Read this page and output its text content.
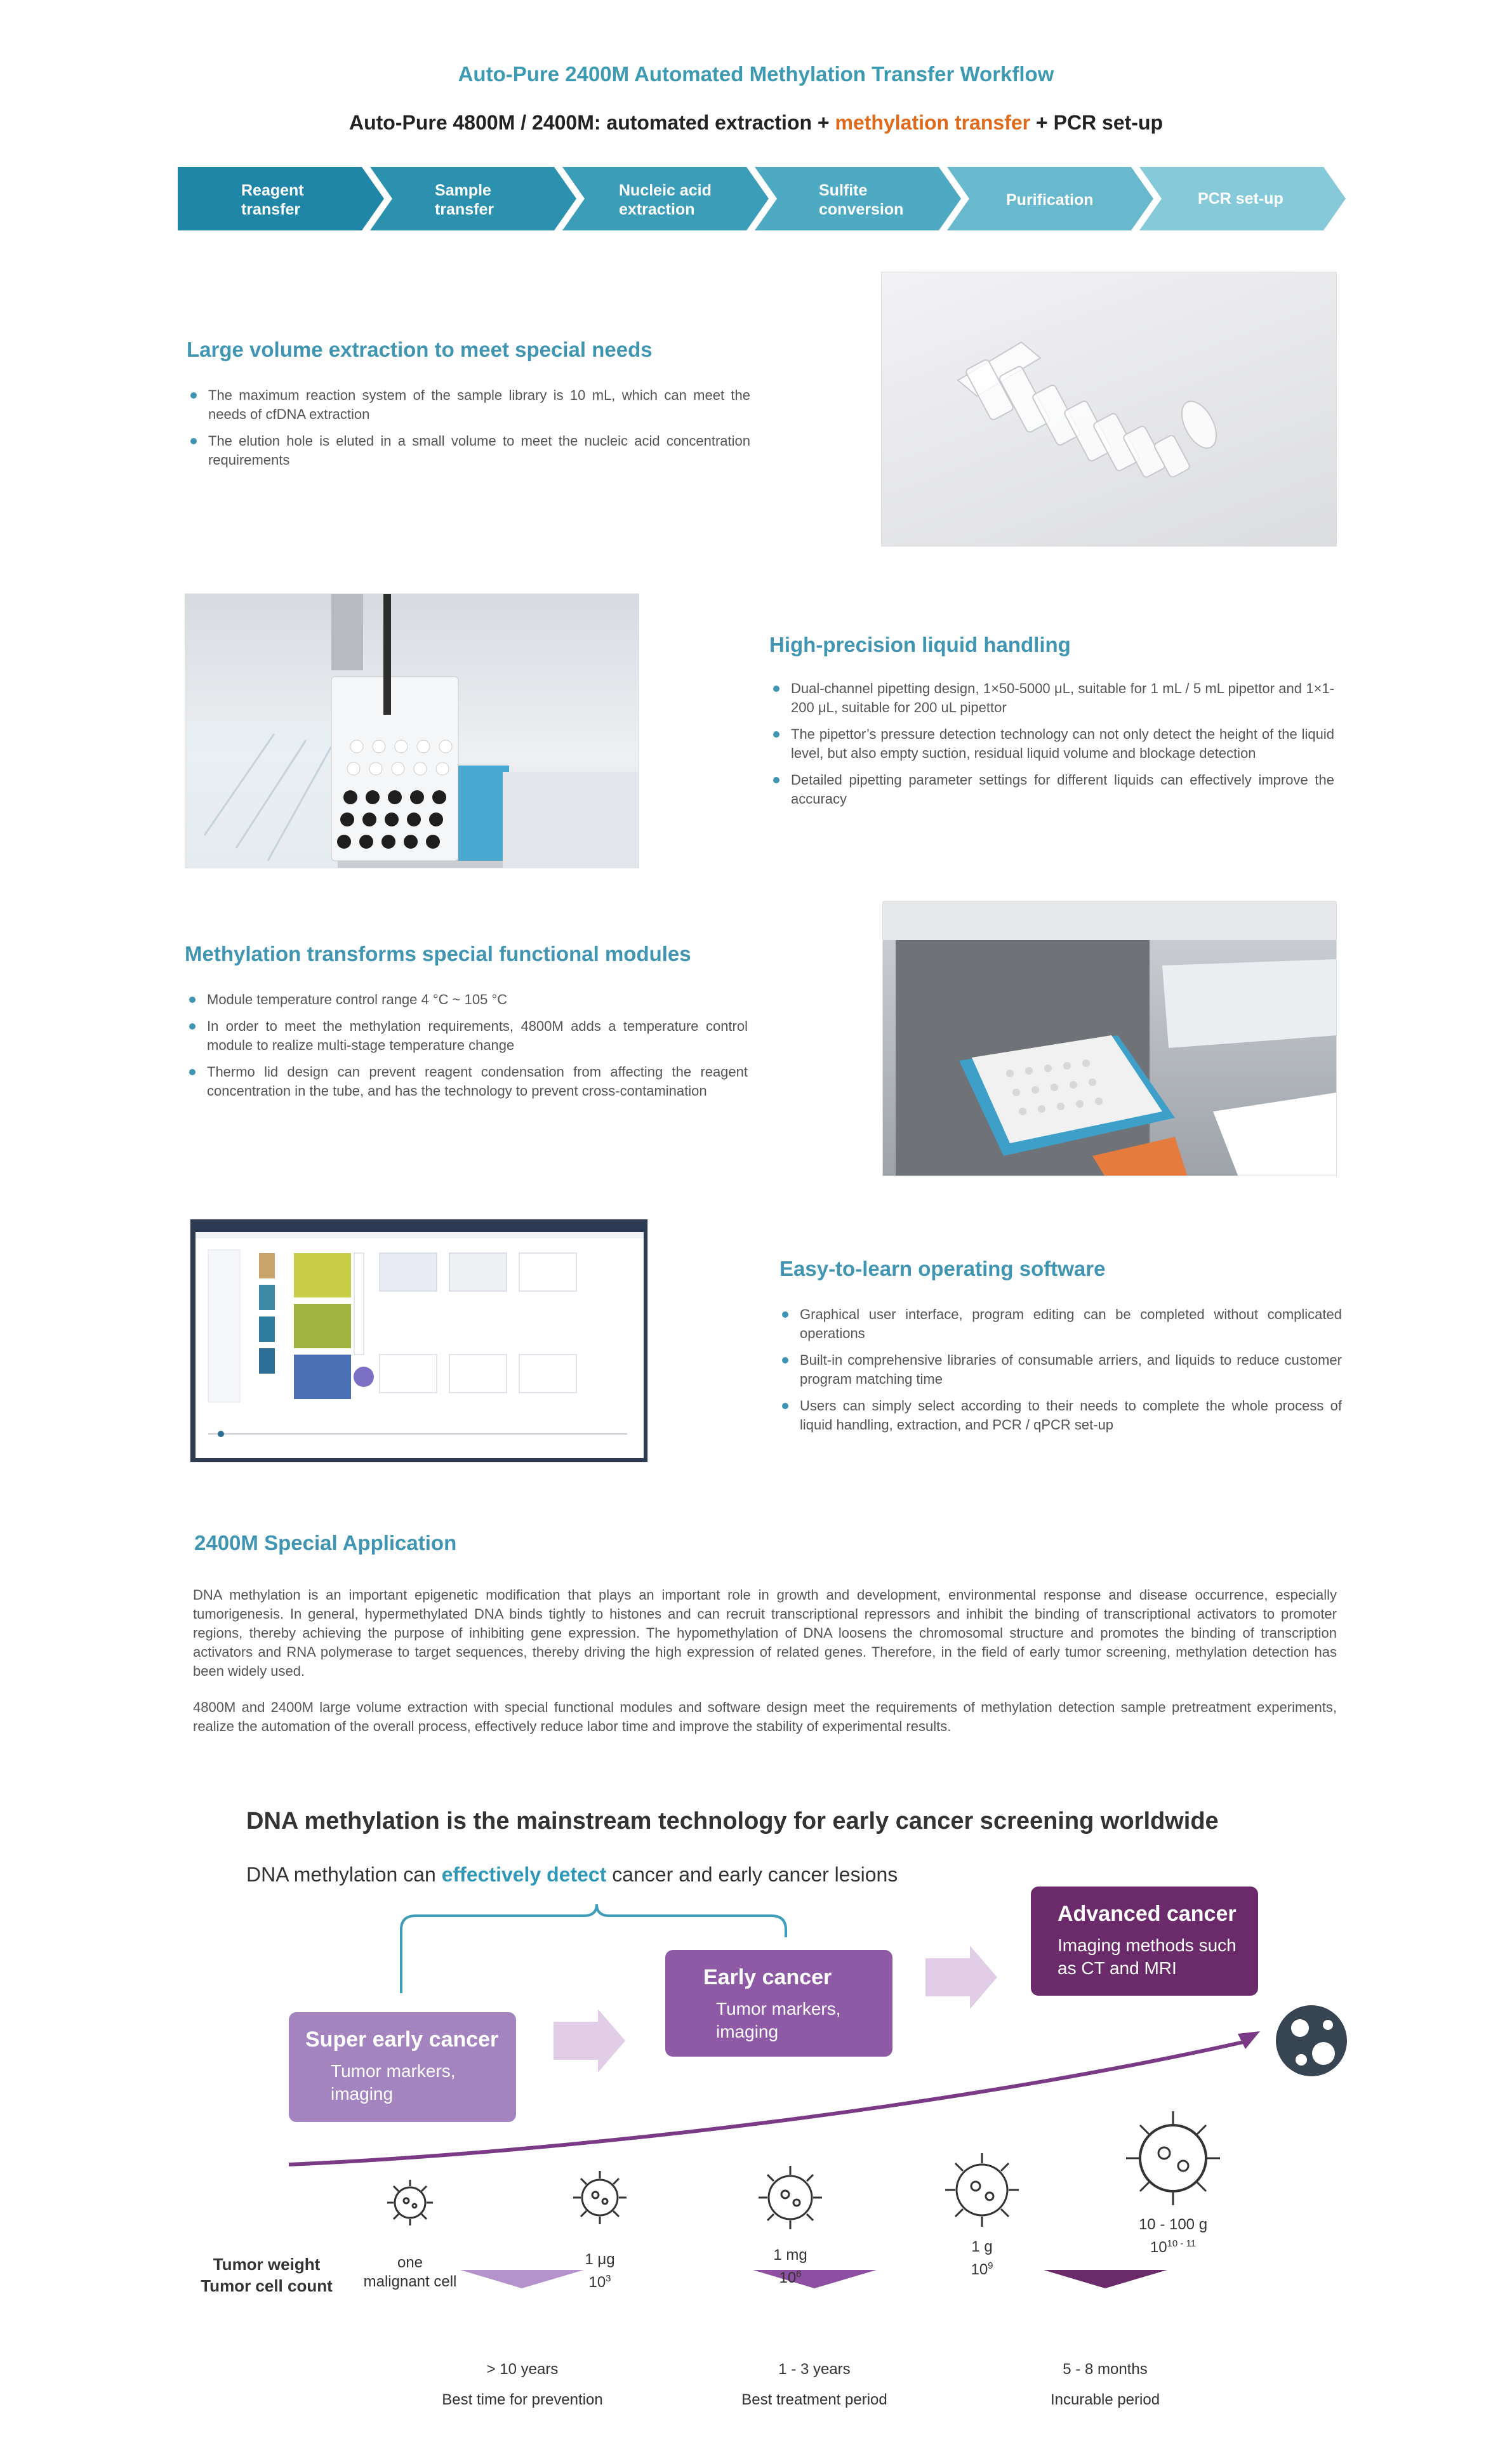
Auto-Pure 2400M Automated Methylation Transfer Workflow
Auto-Pure 4800M / 2400M: automated extraction + methylation transfer + PCR set-up
Reagent
transfer
Sample
transfer
Nucleic acid
extraction
Sulfite
conversion
Purification	PCR set-up
Large volume extraction to meet special needs
The maximum reaction system of the sample library is 10 mL, which can meet the needs of cfDNA extraction
The elution hole is eluted in a small volume to meet the nucleic acid concentration requirements
High-precision liquid handling
Dual-channel pipetting design, 1×50-5000 μL, suitable for 1 mL / 5 mL pipettor and 1×1-200 μL, suitable for 200 uL pipettor
The pipettor’s pressure detection technology can not only detect the height of the liquid level, but also empty suction, residual liquid volume and blockage detection
Detailed pipetting parameter settings for different liquids can effectively improve the accuracy
Methylation transforms special functional modules
Module temperature control range 4 °C ~ 105 °C
In order to meet the methylation requirements, 4800M adds a temperature control module to realize multi-stage temperature change
Thermo lid design can prevent reagent condensation from affecting the reagent concentration in the tube, and has the technology to prevent cross-contamination
Easy-to-learn operating software
Graphical user interface, program editing can be completed without complicated operations
Built-in comprehensive libraries of consumable arriers, and liquids to reduce customer program matching time
Users can simply select according to their needs to complete the whole process of liquid handling, extraction, and PCR / qPCR set-up
2400M Special Application
DNA methylation is an important epigenetic modification that plays an important role in growth and development, environmental response and disease occurrence, especially tumorigenesis. In general, hypermethylated DNA binds tightly to histones and can recruit transcriptional repressors and inhibit the binding of transcriptional activators to promoter regions, thereby achieving the purpose of inhibiting gene expression. The hypomethylation of DNA loosens the chromosomal structure and promotes the binding of transcription activators and RNA polymerase to target sequences, thereby driving the high expression of related genes. Therefore, in the field of early tumor screening, methylation detection has been widely used.
4800M and 2400M large volume extraction with special functional modules and software design meet the requirements of methylation detection sample pretreatment experiments, realize the automation of the overall process, effectively reduce labor time and improve the stability of experimental results.
DNA methylation is the mainstream technology for early cancer screening worldwide
DNA methylation can effectively detect cancer and early cancer lesions
Super early cancer
Tumor markers, imaging
Early cancer
Tumor markers, imaging
Advanced cancer
Imaging methods such as CT and MRI
Tumor weight
Tumor cell count
one
malignant cell
1 μg
$10^3$
1 mg
$10^6$
1 g
$10^9$
10 - 100 g
$10^{10 - 11}$
> 10 years
Best time for prevention
1 - 3 years
Best treatment period
5 - 8 months
Incurable period
